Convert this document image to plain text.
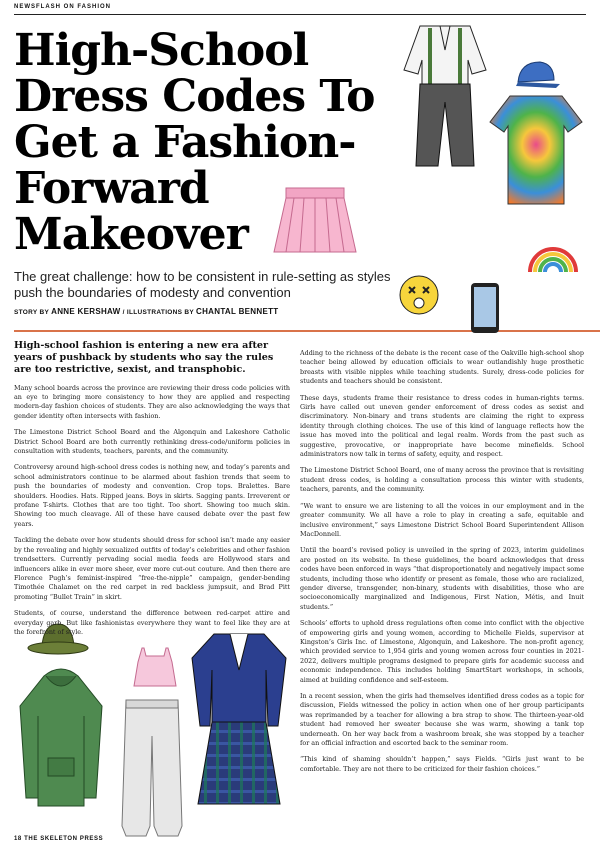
NEWSFLASH ON FASHION
High-School
Dress Codes To
Get a Fashion-
Forward
Makeover
The great challenge: how to be consistent in rule-setting as styles push the boundaries of modesty and convention
STORY BY ANNE KERSHAW / ILLUSTRATIONS BY CHANTAL BENNETT

High-school fashion is entering a new era after years of pushback by students who say the rules are too restrictive, sexist, and transphobic.

Many school boards across the province are reviewing their dress code policies with an eye to bringing more consistency to how they are applied and respecting modern-day fashion choices of students. They are also acknowledging the ways that gender identity often intersects with fashion.

The Limestone District School Board and the Algonquin and Lakeshore Catholic District School Board are both currently rethinking dress-code/uniform policies in consultation with students, teachers, parents, and the community.

Controversy around high-school dress codes is nothing new, and today’s parents and school administrators continue to be alarmed about fashion trends that seem to push the boundaries of modesty and convention. Crop tops. Bralettes. Bare shoulders. Hoodies. Hats. Ripped jeans. Boys in skirts. Sagging pants. Irreverent or profane T-shirts. Clothes that are too tight. Too short. Showing too much skin. Showing too much cleavage. All of these have caused debate over the past few years.

Tackling the debate over how students should dress for school isn’t made any easier by the revealing and highly sexualized outfits of today’s celebrities and other fashion trendsetters. Currently pervading social media feeds are Hollywood stars and influencers alike in ever more sheer, ever more cut-out couture. And then there are Florence Pugh’s feminist-inspired “free-the-nipple” campaign, gender-bending Timothée Chalamet on the red carpet in red backless jumpsuit, and Brad Pitt promoting “Bullet Train” in skirt.

Students, of course, understand the difference between red-carpet attire and everyday garb. But like fashionistas everywhere they want to feel like they are at the forefront of style.

Adding to the richness of the debate is the recent case of the Oakville high-school shop teacher being allowed by education officials to wear outlandishly huge prosthetic breasts with visible nipples while teaching students. Surely, dress-code policies for students and teachers should be consistent.

These days, students frame their resistance to dress codes in human-rights terms. Girls have called out uneven gender enforcement of dress codes as sexist and discriminatory. Non-binary and trans students are claiming the right to express identity through clothing choices. The use of this kind of language reflects how the issue has moved into the political and legal realm. Words from the past such as suggestive, provocative, or inappropriate have become minefields. School administrators now talk in terms of safety, equity, and respect.

The Limestone District School Board, one of many across the province that is revisiting student dress codes, is holding a consultation process this winter with students, teachers, parents, and the community.

“We want to ensure we are listening to all the voices in our employment and in the greater community. We all have a role to play in creating a safe, equitable and inclusive environment,” says Limestone District School Board Superintendent Allison MacDonnell.

Until the board’s revised policy is unveiled in the spring of 2023, interim guidelines are posted on its website. In these guidelines, the board acknowledges that dress codes have been enforced in ways “that disproportionately and negatively impact some students, including those who identify or present as female, those who are racialized, gender diverse, transgender, non-binary, students with disabilities, those who are socioeconomically marginalized and Indigenous, First Nation, Métis, and Inuit students.”

Schools’ efforts to uphold dress regulations often come into conflict with the objective of empowering girls and young women, according to Michelle Fields, supervisor at Kingston’s Girls Inc. of Limestone, Algonquin, and Lakeshore. The non-profit agency, which provided service to 1,954 girls and young women across four counties in 2021-2022, delivers multiple programs designed to prepare girls for academic success and economic independence. This includes holding SmartStart workshops, in schools, aimed at building confidence and self-esteem.

In a recent session, when the girls had themselves identified dress codes as a topic for discussion, Fields witnessed the policy in action when one of her group participants was reprimanded by a teacher for allowing a bra strap to show. The thirteen-year-old student had removed her sweater because she was warm, showing a tank top underneath. On her way back from a washroom break, she was stopped by a teacher for an official infraction and escorted back to the seminar room.

“This kind of shaming shouldn’t happen,” says Fields. “Girls just want to be comfortable. They are not there to be criticized for their fashion choices.”

18 THE SKELETON PRESS
